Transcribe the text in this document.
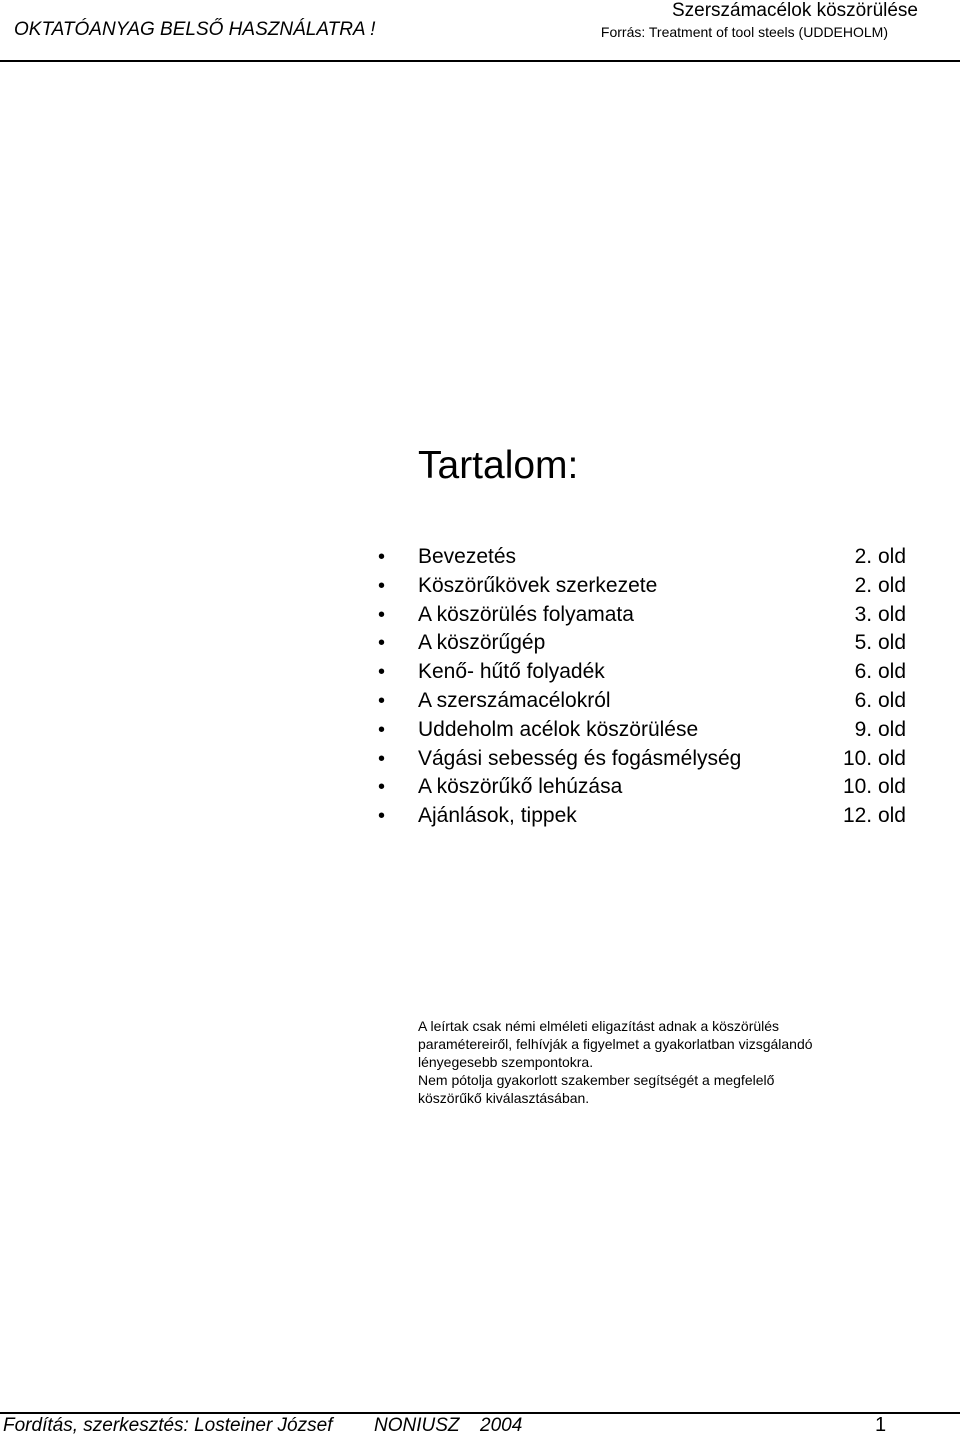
OKTATÓANYAG BELSŐ HASZNÁLATRA !
Szerszámacélok köszörülése
Forrás: Treatment of tool steels (UDDEHOLM)
Tartalom:
•	Bevezetés	2. old
•	Köszörűkövek szerkezete	2. old
•	A köszörülés folyamata	3. old
•	A köszörűgép	5. old
•	Kenő- hűtő folyadék	6. old
•	A szerszámacélokról	6. old
•	Uddeholm acélok köszörülése	9. old
•	Vágási sebesség és fogásmélység	10. old
•	A köszörűkő lehúzása	10. old
•	Ajánlások, tippek	12. old

A leírtak csak némi elméleti eligazítást adnak a köszörülés

paramétereiről, felhívják a figyelmet a gyakorlatban vizsgálandó

lényegesebb szempontokra.

Nem pótolja gyakorlott szakember segítségét a megfelelő

köszörűkő kiválasztásában.

Fordítás, szerkesztés: Losteiner József NONIUSZ 2004	1
